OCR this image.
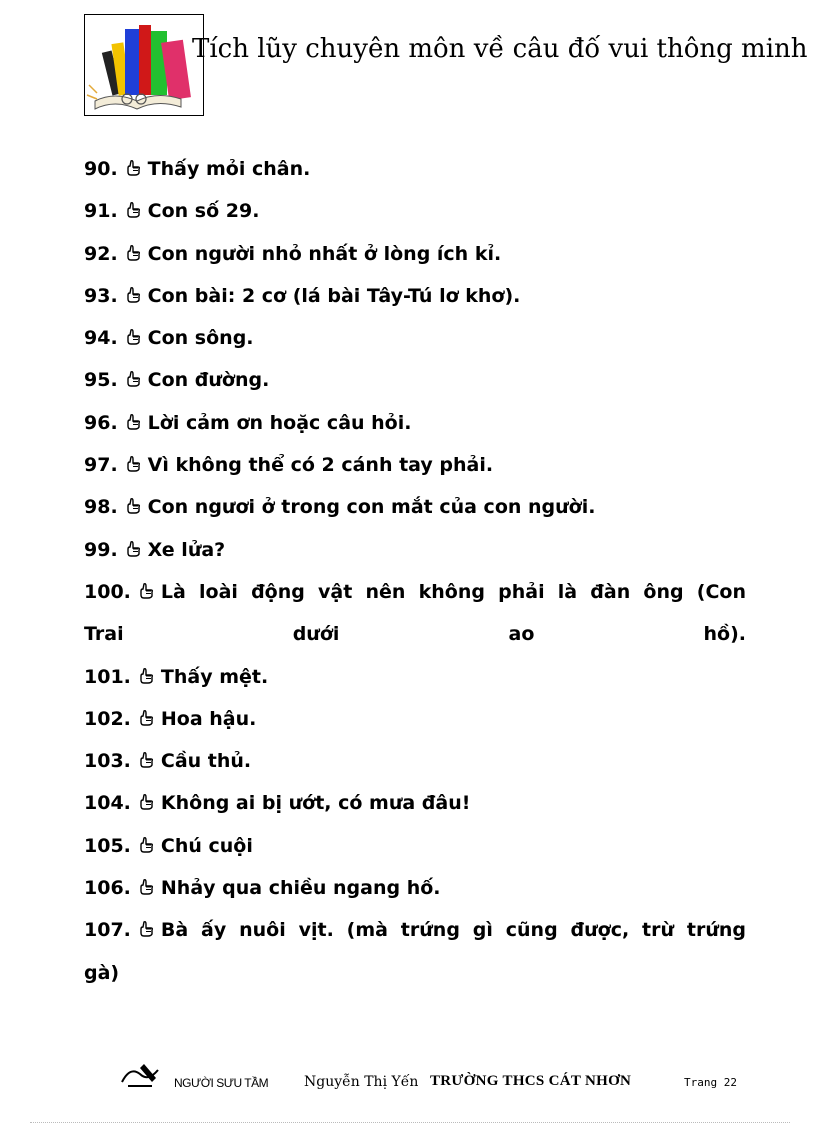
Tích lũy chuyên môn về câu đố vui thông minh
90. Thấy mỏi chân.
91. Con số 29.
92. Con người nhỏ nhất ở lòng ích kỉ.
93. Con bài: 2 cơ (lá bài Tây-Tú lơ khơ).
94. Con sông.
95. Con đường.
96. Lời cảm ơn hoặc câu hỏi.
97. Vì không thể có 2 cánh tay phải.
98. Con ngươi ở trong con mắt của con người.
99. Xe lửa?
100. Là loài động vật nên không phải là đàn ông (Con
Trai dưới ao hồ).
101. Thấy mệt.
102. Hoa hậu.
103. Cầu thủ.
104. Không ai bị ướt, có mưa đâu!
105. Chú cuội
106. Nhảy qua chiều ngang hố.
107. Bà ấy nuôi vịt. (mà trứng gì cũng được, trừ trứng
gà)
NGƯỜI SƯU TẦM	Nguyễn Thị Yến TRƯỜNG THCS CÁT NHƠN	Trang 22
